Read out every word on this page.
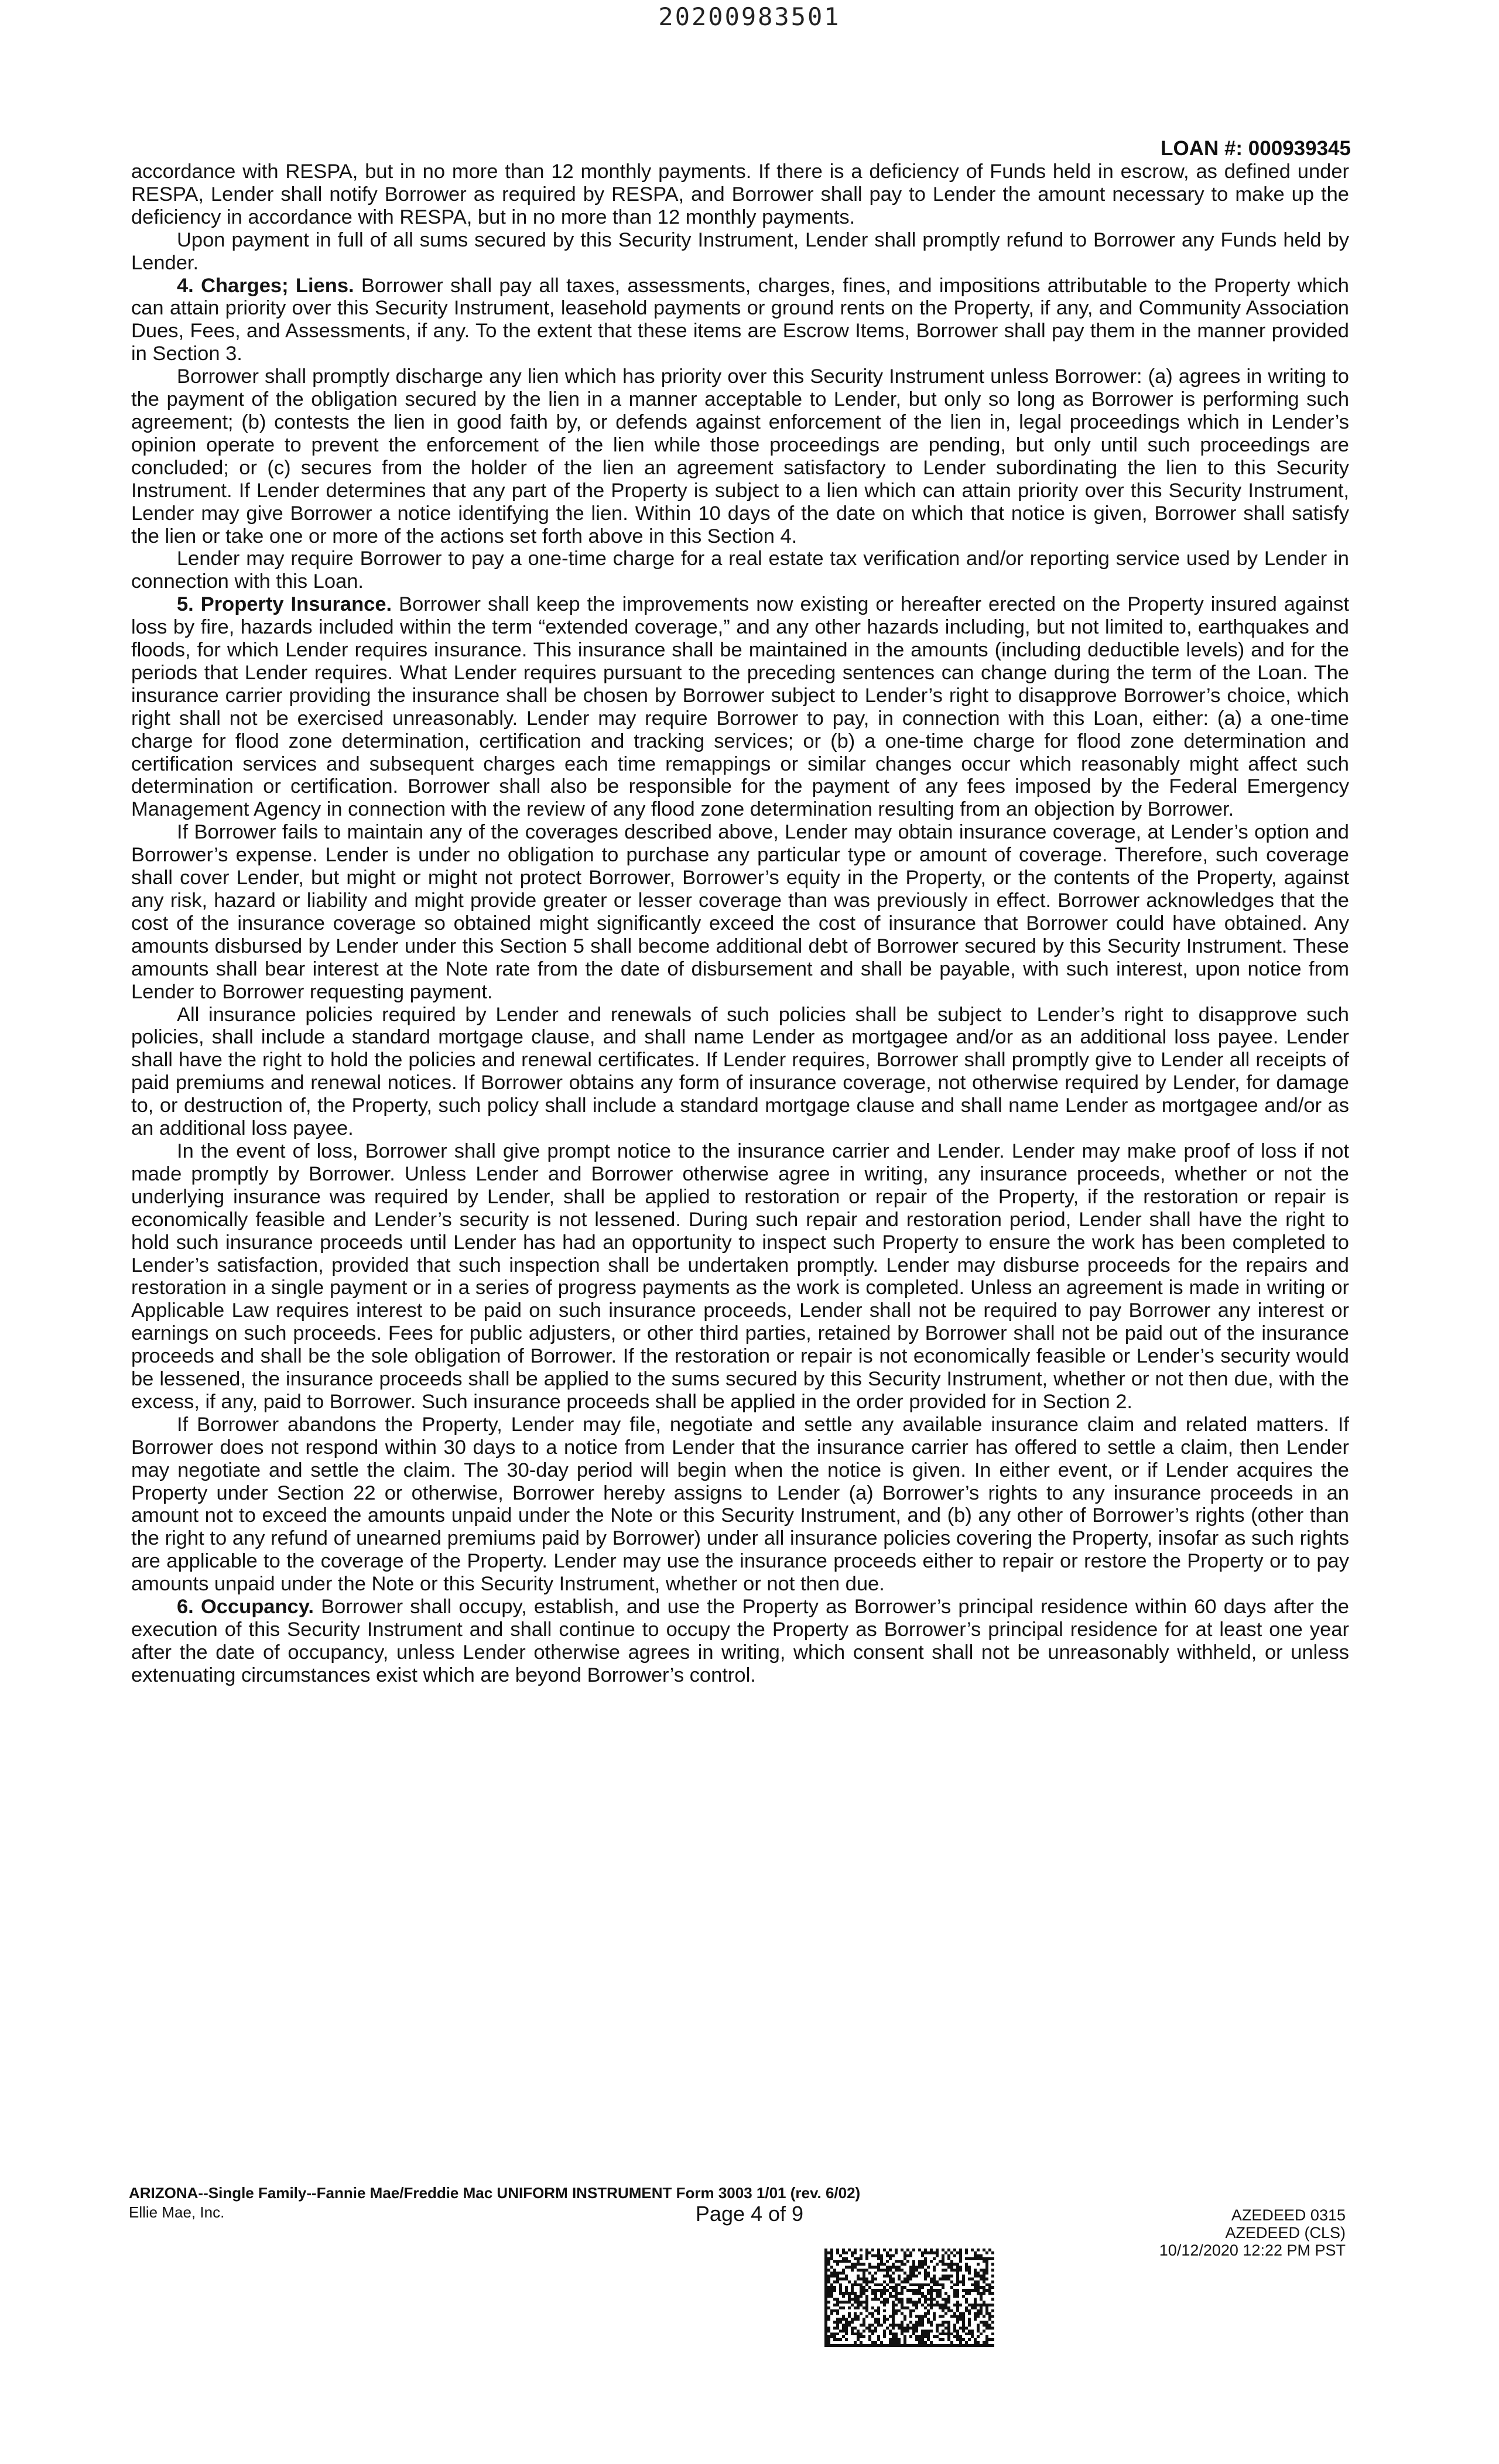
20200983501
LOAN #: 000939345

accordance with RESPA, but in no more than 12 monthly payments. If there is a deficiency of Funds held in escrow, as defined under RESPA, Lender shall notify Borrower as required by RESPA, and Borrower shall pay to Lender the amount necessary to make up the deficiency in accordance with RESPA, but in no more than 12 monthly payments.

Upon payment in full of all sums secured by this Security Instrument, Lender shall promptly refund to Borrower any Funds held by Lender.

4. Charges; Liens. Borrower shall pay all taxes, assessments, charges, fines, and impositions attributable to the Property which can attain priority over this Security Instrument, leasehold payments or ground rents on the Property, if any, and Community Association Dues, Fees, and Assessments, if any. To the extent that these items are Escrow Items, Borrower shall pay them in the manner provided in Section 3.

Borrower shall promptly discharge any lien which has priority over this Security Instrument unless Borrower: (a) agrees in writing to the payment of the obligation secured by the lien in a manner acceptable to Lender, but only so long as Borrower is performing such agreement; (b) contests the lien in good faith by, or defends against enforcement of the lien in, legal proceedings which in Lender’s opinion operate to prevent the enforcement of the lien while those proceedings are pending, but only until such proceedings are concluded; or (c) secures from the holder of the lien an agreement satisfactory to Lender subordinating the lien to this Security Instrument. If Lender determines that any part of the Property is subject to a lien which can attain priority over this Security Instrument, Lender may give Borrower a notice identifying the lien. Within 10 days of the date on which that notice is given, Borrower shall satisfy the lien or take one or more of the actions set forth above in this Section 4.

Lender may require Borrower to pay a one-time charge for a real estate tax verification and/or reporting service used by Lender in connection with this Loan.

5. Property Insurance. Borrower shall keep the improvements now existing or hereafter erected on the Property insured against loss by fire, hazards included within the term “extended coverage,” and any other hazards including, but not limited to, earthquakes and floods, for which Lender requires insurance. This insurance shall be maintained in the amounts (including deductible levels) and for the periods that Lender requires. What Lender requires pursuant to the preceding sentences can change during the term of the Loan. The insurance carrier providing the insurance shall be chosen by Borrower subject to Lender’s right to disapprove Borrower’s choice, which right shall not be exercised unreasonably. Lender may require Borrower to pay, in connection with this Loan, either: (a) a one-time charge for flood zone determination, certification and tracking services; or (b) a one-time charge for flood zone determination and certification services and subsequent charges each time remappings or similar changes occur which reasonably might affect such determination or certification. Borrower shall also be responsible for the payment of any fees imposed by the Federal Emergency Management Agency in connection with the review of any flood zone determination resulting from an objection by Borrower.

If Borrower fails to maintain any of the coverages described above, Lender may obtain insurance coverage, at Lender’s option and Borrower’s expense. Lender is under no obligation to purchase any particular type or amount of coverage. Therefore, such coverage shall cover Lender, but might or might not protect Borrower, Borrower’s equity in the Property, or the contents of the Property, against any risk, hazard or liability and might provide greater or lesser coverage than was previously in effect. Borrower acknowledges that the cost of the insurance coverage so obtained might significantly exceed the cost of insurance that Borrower could have obtained. Any amounts disbursed by Lender under this Section 5 shall become additional debt of Borrower secured by this Security Instrument. These amounts shall bear interest at the Note rate from the date of disbursement and shall be payable, with such interest, upon notice from Lender to Borrower requesting payment.

All insurance policies required by Lender and renewals of such policies shall be subject to Lender’s right to disapprove such policies, shall include a standard mortgage clause, and shall name Lender as mortgagee and/or as an additional loss payee. Lender shall have the right to hold the policies and renewal certificates. If Lender requires, Borrower shall promptly give to Lender all receipts of paid premiums and renewal notices. If Borrower obtains any form of insurance coverage, not otherwise required by Lender, for damage to, or destruction of, the Property, such policy shall include a standard mortgage clause and shall name Lender as mortgagee and/or as an additional loss payee.

In the event of loss, Borrower shall give prompt notice to the insurance carrier and Lender. Lender may make proof of loss if not made promptly by Borrower. Unless Lender and Borrower otherwise agree in writing, any insurance proceeds, whether or not the underlying insurance was required by Lender, shall be applied to restoration or repair of the Property, if the restoration or repair is economically feasible and Lender’s security is not lessened. During such repair and restoration period, Lender shall have the right to hold such insurance proceeds until Lender has had an opportunity to inspect such Property to ensure the work has been completed to Lender’s satisfaction, provided that such inspection shall be undertaken promptly. Lender may disburse proceeds for the repairs and restoration in a single payment or in a series of progress payments as the work is completed. Unless an agreement is made in writing or Applicable Law requires interest to be paid on such insurance proceeds, Lender shall not be required to pay Borrower any interest or earnings on such proceeds. Fees for public adjusters, or other third parties, retained by Borrower shall not be paid out of the insurance proceeds and shall be the sole obligation of Borrower. If the restoration or repair is not economically feasible or Lender’s security would be lessened, the insurance proceeds shall be applied to the sums secured by this Security Instrument, whether or not then due, with the excess, if any, paid to Borrower. Such insurance proceeds shall be applied in the order provided for in Section 2.

If Borrower abandons the Property, Lender may file, negotiate and settle any available insurance claim and related matters. If Borrower does not respond within 30 days to a notice from Lender that the insurance carrier has offered to settle a claim, then Lender may negotiate and settle the claim. The 30-day period will begin when the notice is given. In either event, or if Lender acquires the Property under Section 22 or otherwise, Borrower hereby assigns to Lender (a) Borrower’s rights to any insurance proceeds in an amount not to exceed the amounts unpaid under the Note or this Security Instrument, and (b) any other of Borrower’s rights (other than the right to any refund of unearned premiums paid by Borrower) under all insurance policies covering the Property, insofar as such rights are applicable to the coverage of the Property. Lender may use the insurance proceeds either to repair or restore the Property or to pay amounts unpaid under the Note or this Security Instrument, whether or not then due.

6. Occupancy. Borrower shall occupy, establish, and use the Property as Borrower’s principal residence within 60 days after the execution of this Security Instrument and shall continue to occupy the Property as Borrower’s principal residence for at least one year after the date of occupancy, unless Lender otherwise agrees in writing, which consent shall not be unreasonably withheld, or unless extenuating circumstances exist which are beyond Borrower’s control.

ARIZONA--Single Family--Fannie Mae/Freddie Mac UNIFORM INSTRUMENT Form 3003 1/01 (rev. 6/02)
Ellie Mae, Inc.	Page 4 of 9	AZEDEED 0315
AZEDEED (CLS)
10/12/2020 12:22 PM PST
